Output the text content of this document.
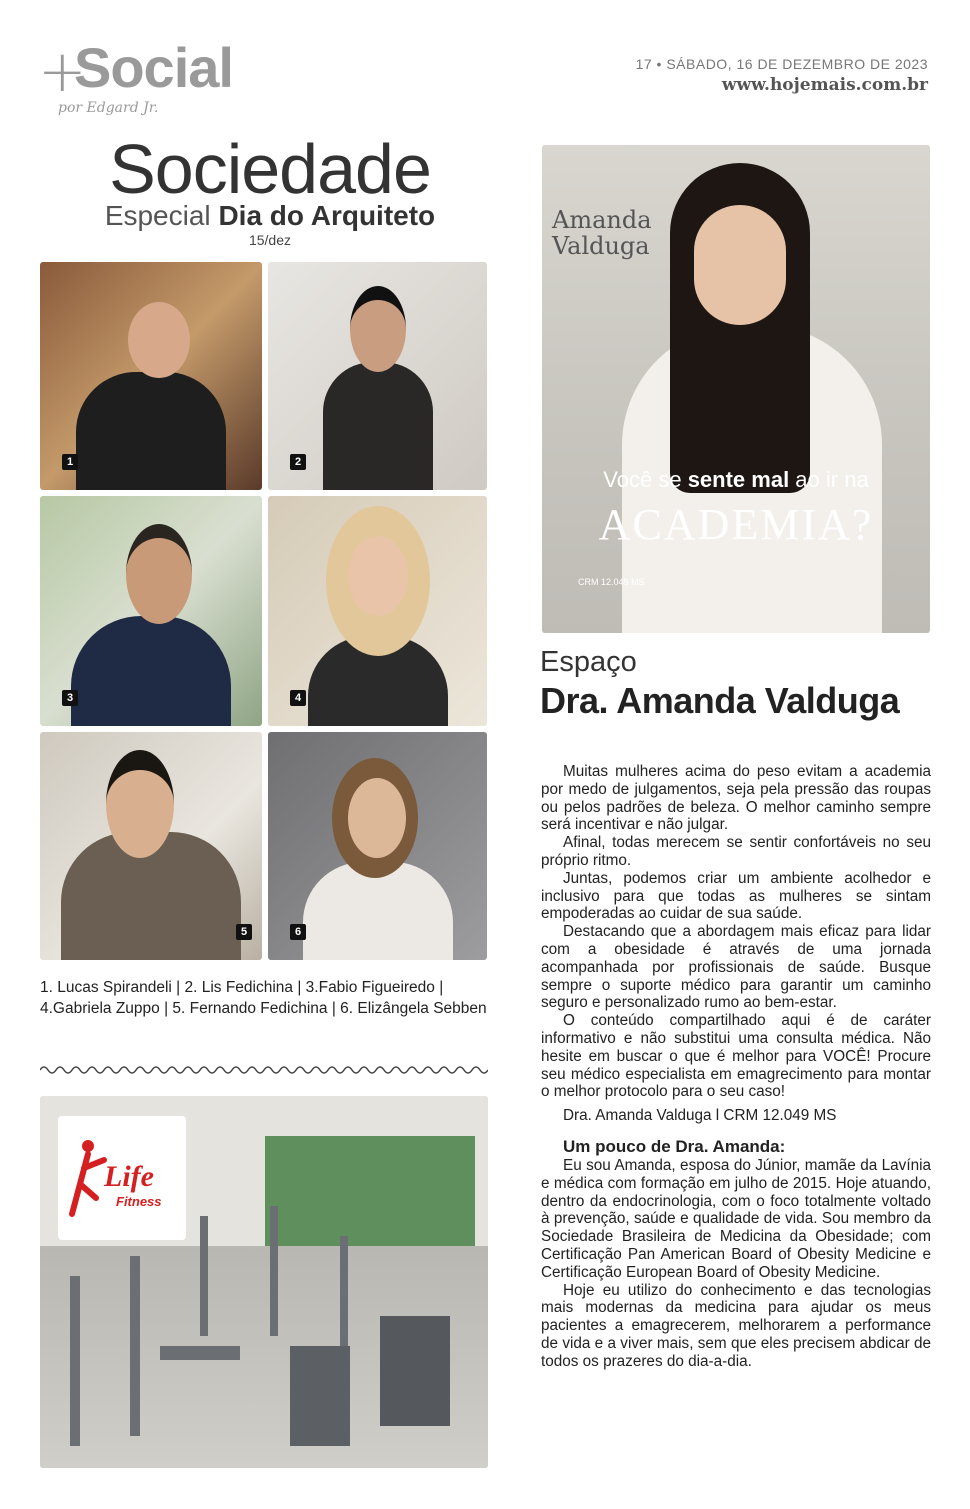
+
Social
por Edgard Jr.
17 • SÁBADO, 16 DE DEZEMBRO DE 2023
www.hojemais.com.br
Sociedade
Especial Dia do Arquiteto
15/dez
1	2
3	4
5	6
1. Lucas Spirandeli | 2. Lis Fedichina | 3.Fabio Figueiredo | 4.Gabriela Zuppo | 5. Fernando Fedichina | 6. Elizângela Sebben
Life
Fitness
Amanda
Valduga
Você se sente mal ao ir na
ACADEMIA?
CRM 12.049 MS
Espaço
Dra. Amanda Valduga

Muitas mulheres acima do peso evitam a academia por medo de julgamentos, seja pela pressão das roupas ou pelos padrões de beleza. O melhor caminho sempre será incentivar e não julgar.

Afinal, todas merecem se sentir confortáveis no seu próprio ritmo.

Juntas, podemos criar um ambiente acolhedor e inclusivo para que todas as mulheres se sintam empoderadas ao cuidar de sua saúde.

Destacando que a abordagem mais eficaz para lidar com a obesidade é através de uma jornada acompanhada por profissionais de saúde. Busque sempre o suporte médico para garantir um caminho seguro e personalizado rumo ao bem-estar.

O conteúdo compartilhado aqui é de caráter informativo e não substitui uma consulta médica. Não hesite em buscar o que é melhor para VOCÊ! Procure seu médico especialista em emagrecimento para montar o melhor protocolo para o seu caso!

Dra. Amanda Valduga l CRM 12.049 MS

Um pouco de Dra. Amanda:

Eu sou Amanda, esposa do Júnior, mamãe da Lavínia e médica com formação em julho de 2015. Hoje atuando, dentro da endocrinologia, com o foco totalmente voltado à prevenção, saúde e qualidade de vida. Sou membro da Sociedade Brasileira de Medicina da Obesidade; com Certificação Pan American Board of Obesity Medicine e Certificação European Board of Obesity Medicine.

Hoje eu utilizo do conhecimento e das tecnologias mais modernas da medicina para ajudar os meus pacientes a emagrecerem, melhorarem a performance de vida e a viver mais, sem que eles precisem abdicar de todos os prazeres do dia-a-dia.
